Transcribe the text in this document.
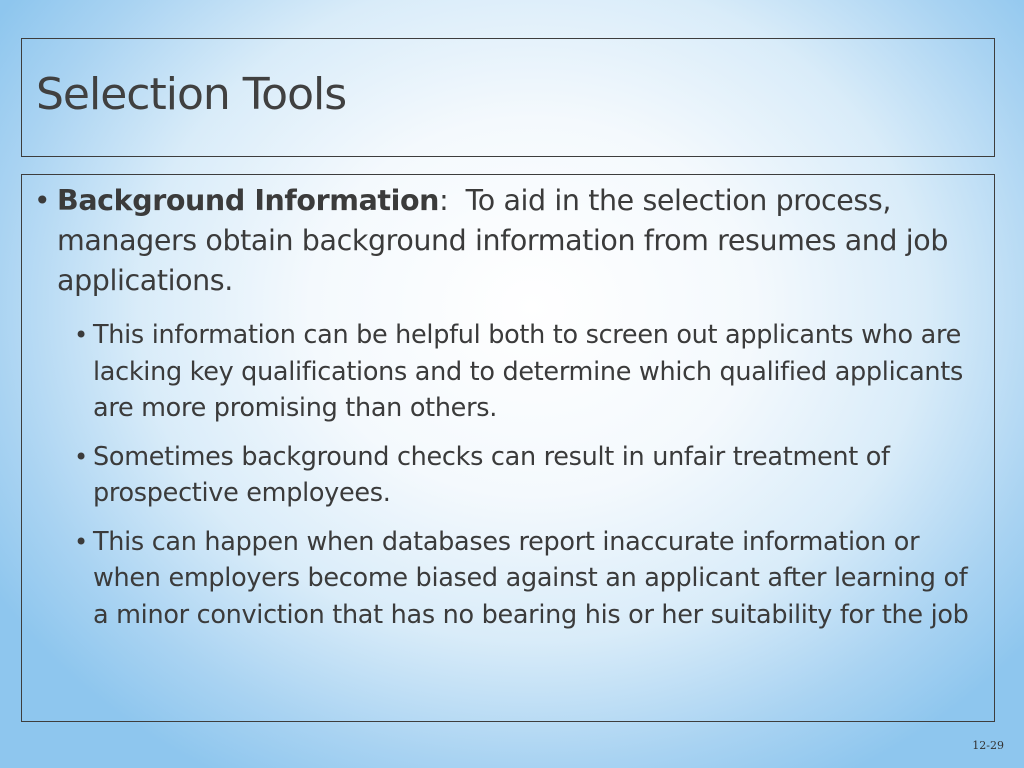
Selection Tools
• Background Information:  To aid in the selection process, managers obtain background information from resumes and job applications.
• This information can be helpful both to screen out applicants who are lacking key qualifications and to determine which qualified applicants are more promising than others.
• Sometimes background checks can result in unfair treatment of prospective employees.
• This can happen when databases report inaccurate information or when employers become biased against an applicant after learning of a minor conviction that has no bearing his or her suitability for the job
12-29
